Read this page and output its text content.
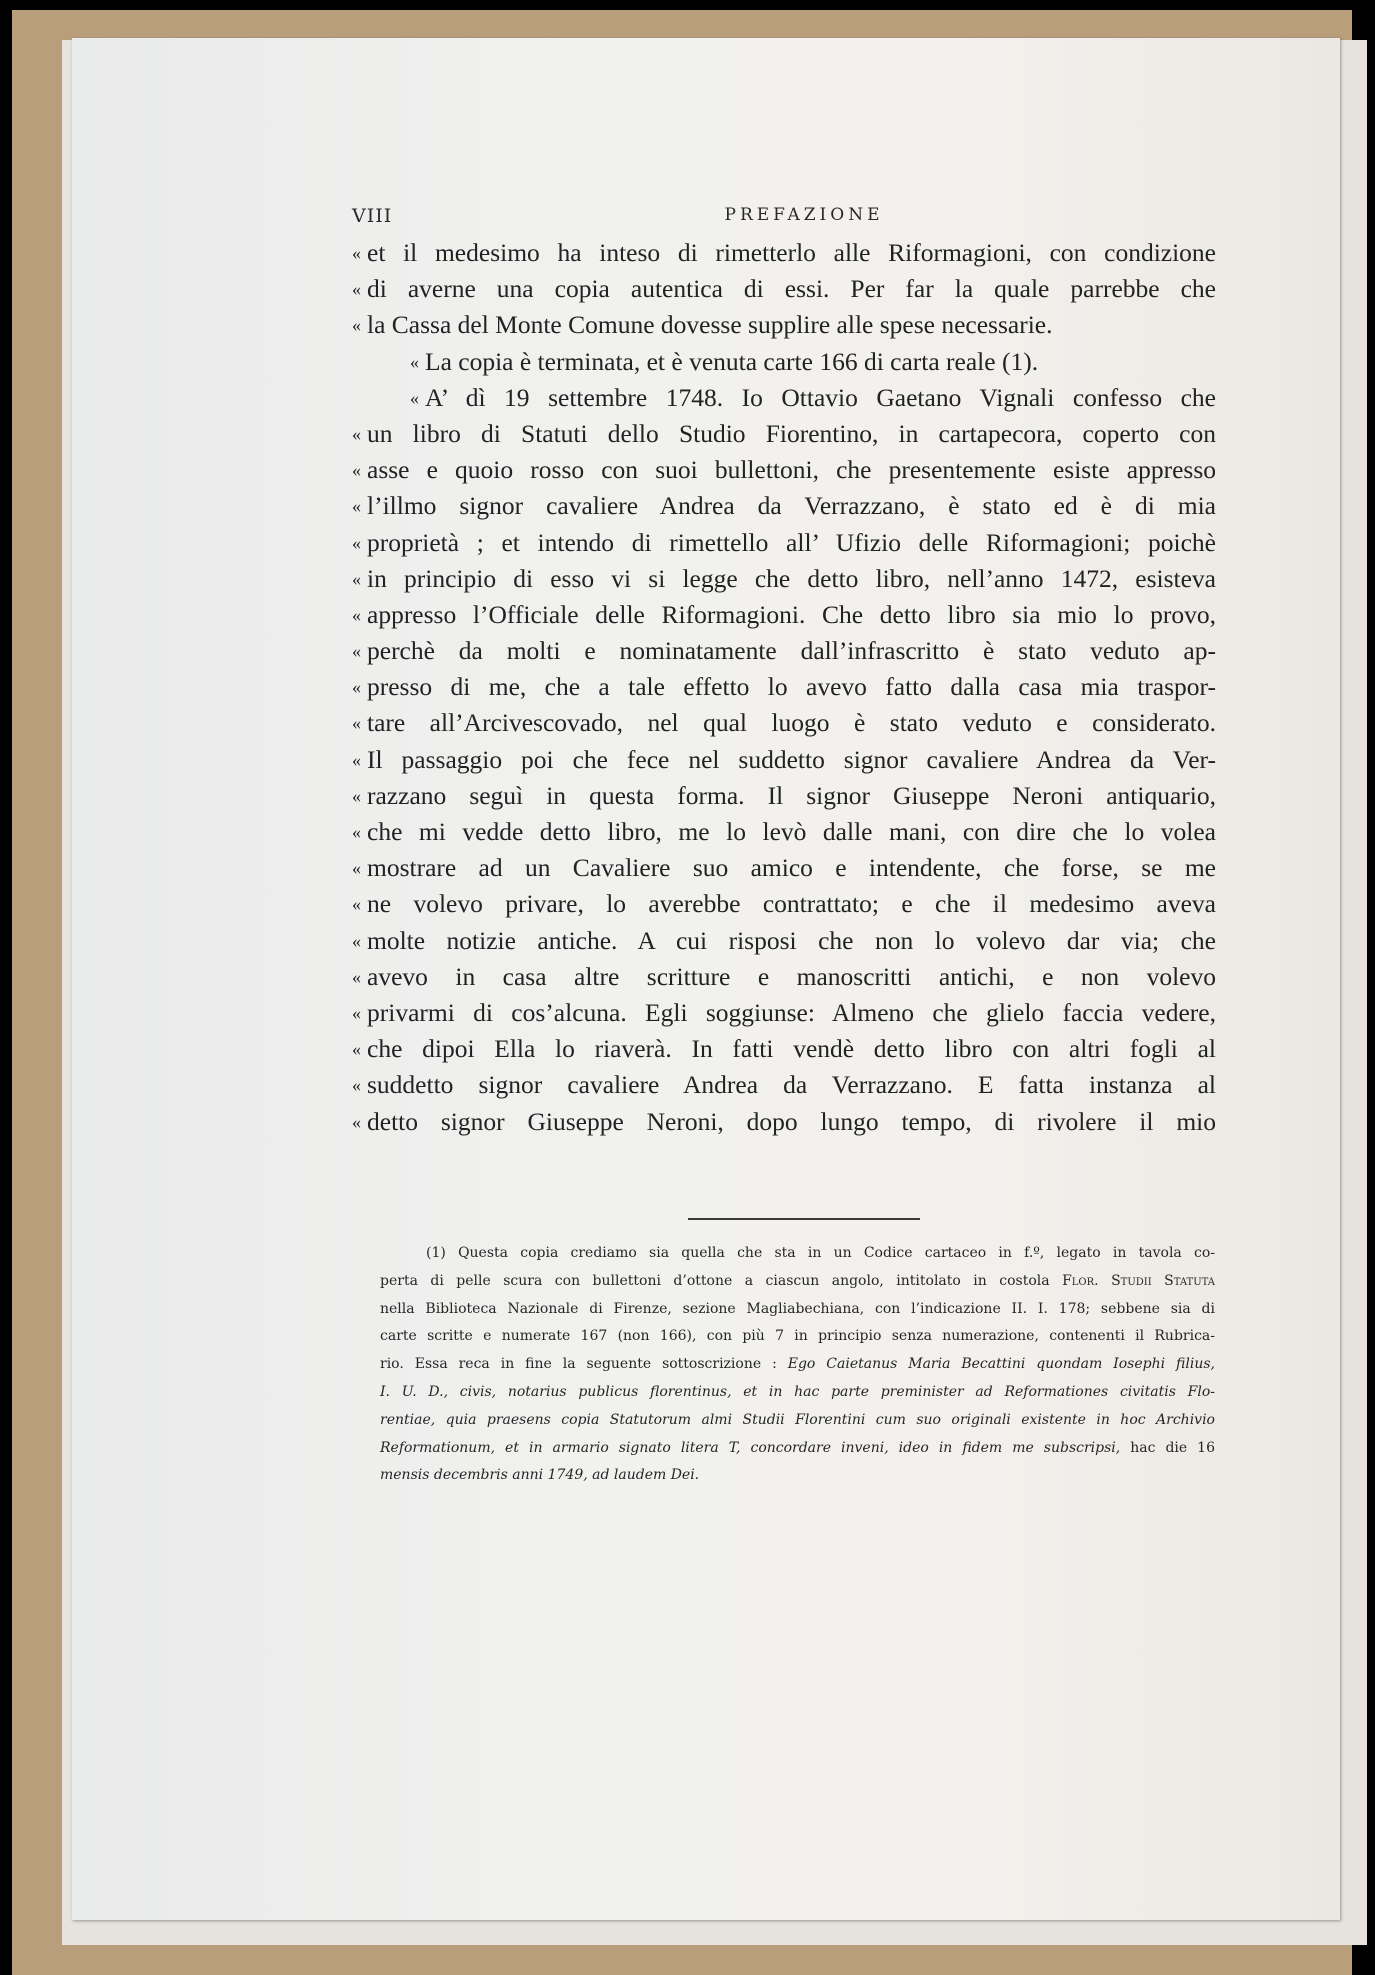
VIII	PREFAZIONE
« et il medesimo ha inteso di rimetterlo alle Riformagioni, con condizione
« di averne una copia autentica di essi. Per far la quale parrebbe che
« la Cassa del Monte Comune dovesse supplire alle spese necessarie.
« La copia è terminata, et è venuta carte 166 di carta reale (1).
« A’ dì 19 settembre 1748. Io Ottavio Gaetano Vignali confesso che
« un libro di Statuti dello Studio Fiorentino, in cartapecora, coperto con
« asse e quoio rosso con suoi bullettoni, che presentemente esiste appresso
« l’illmo signor cavaliere Andrea da Verrazzano, è stato ed è di mia
« proprietà ; et intendo di rimettello all’ Ufizio delle Riformagioni; poichè
« in principio di esso vi si legge che detto libro, nell’anno 1472, esisteva
« appresso l’Officiale delle Riformagioni. Che detto libro sia mio lo provo,
« perchè da molti e nominatamente dall’infrascritto è stato veduto ap-
« presso di me, che a tale effetto lo avevo fatto dalla casa mia traspor-
« tare all’Arcivescovado, nel qual luogo è stato veduto e considerato.
« Il passaggio poi che fece nel suddetto signor cavaliere Andrea da Ver-
« razzano seguì in questa forma. Il signor Giuseppe Neroni antiquario,
« che mi vedde detto libro, me lo levò dalle mani, con dire che lo volea
« mostrare ad un Cavaliere suo amico e intendente, che forse, se me
« ne volevo privare, lo averebbe contrattato; e che il medesimo aveva
« molte notizie antiche. A cui risposi che non lo volevo dar via; che
« avevo in casa altre scritture e manoscritti antichi, e non volevo
« privarmi di cos’alcuna. Egli soggiunse: Almeno che glielo faccia vedere,
« che dipoi Ella lo riaverà. In fatti vendè detto libro con altri fogli al
« suddetto signor cavaliere Andrea da Verrazzano. E fatta instanza al
« detto signor Giuseppe Neroni, dopo lungo tempo, di rivolere il mio
(1) Questa copia crediamo sia quella che sta in un Codice cartaceo in f.º, legato in tavola co-
perta di pelle scura con bullettoni d’ottone a ciascun angolo, intitolato in costola Flor. Studii Statuta
nella Biblioteca Nazionale di Firenze, sezione Magliabechiana, con l’indicazione II. I. 178; sebbene sia di
carte scritte e numerate 167 (non 166), con più 7 in principio senza numerazione, contenenti il Rubrica-
rio. Essa reca in fine la seguente sottoscrizione : Ego Caietanus Maria Becattini quondam Iosephi filius,
I. U. D., civis, notarius publicus florentinus, et in hac parte preminister ad Reformationes civitatis Flo-
rentiae, quia praesens copia Statutorum almi Studii Florentini cum suo originali existente in hoc Archivio
Reformationum, et in armario signato litera T, concordare inveni, ideo in fidem me subscripsi, hac die 16
mensis decembris anni 1749, ad laudem Dei.
